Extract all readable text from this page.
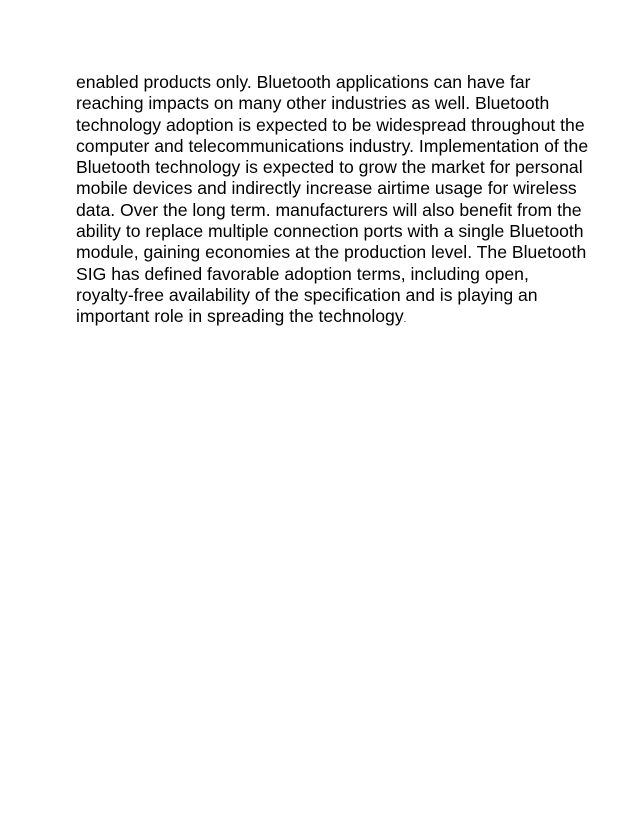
enabled products only. Bluetooth applications can have far
reaching impacts on many other industries as well. Bluetooth
technology adoption is expected to be widespread throughout the
computer and telecommunications industry. Implementation of the
Bluetooth technology is expected to grow the market for personal
mobile devices and indirectly increase airtime usage for wireless
data. Over the long term. manufacturers will also benefit from the
ability to replace multiple connection ports with a single Bluetooth
module, gaining economies at the production level. The Bluetooth
SIG has defined favorable adoption terms, including open,
royalty-free availability of the specification and is playing an
important role in spreading the technology.
